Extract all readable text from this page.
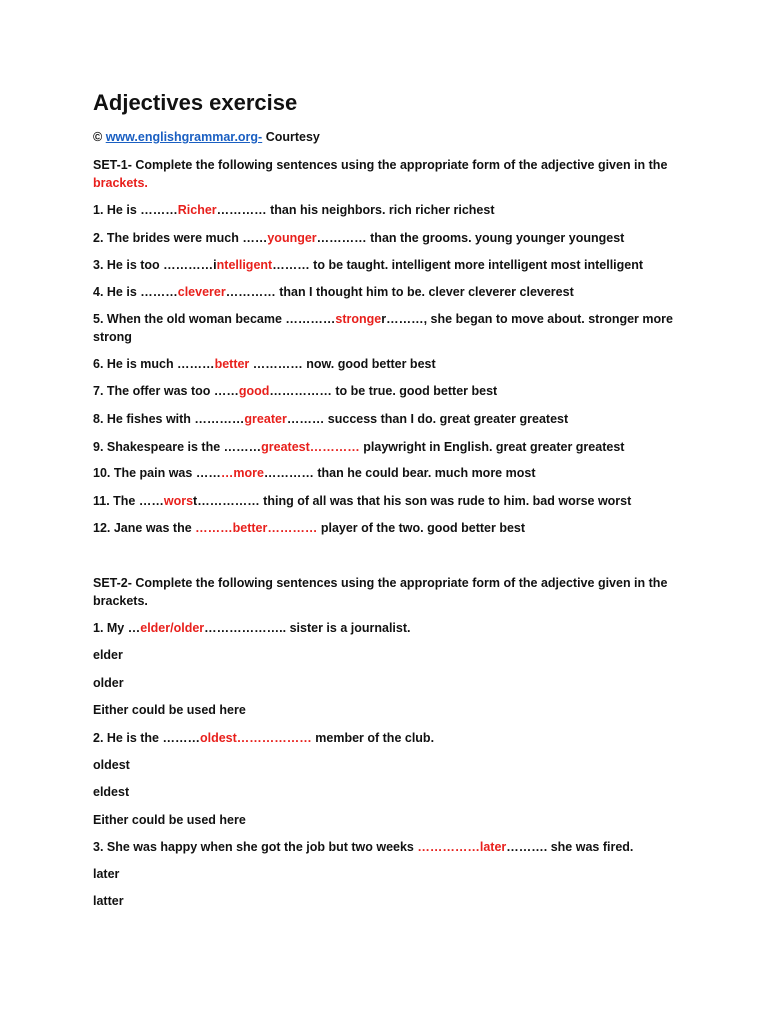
Adjectives exercise
© www.englishgrammar.org- Courtesy
SET-1- Complete the following sentences using the appropriate form of the adjective given in the
brackets.
1. He is ………Richer………… than his neighbors. rich richer richest
2. The brides were much ……younger………… than the grooms. young younger youngest
3. He is too …………intelligent……… to be taught. intelligent more intelligent most intelligent
4. He is ………cleverer………… than I thought him to be. clever cleverer cleverest
5. When the old woman became …………stronger………, she began to move about. stronger more strong
6. He is much ………better ………… now. good better best
7. The offer was too ……good…………… to be true. good better best
8. He fishes with …………greater……… success than I do. great greater greatest
9. Shakespeare is the ………greatest………… playwright in English. great greater greatest
10. The pain was ………more………… than he could bear. much more most
11. The ……worst…………… thing of all was that his son was rude to him. bad worse worst
12. Jane was the ………better………… player of the two. good better best
SET-2- Complete the following sentences using the appropriate form of the adjective given in the brackets.
1. My …elder/older……………….. sister is a journalist.
elder
older
Either could be used here
2. He is the ………oldest……………… member of the club.
oldest
eldest
Either could be used here
3. She was happy when she got the job but two weeks ……………later………. she was fired.
later
latter
